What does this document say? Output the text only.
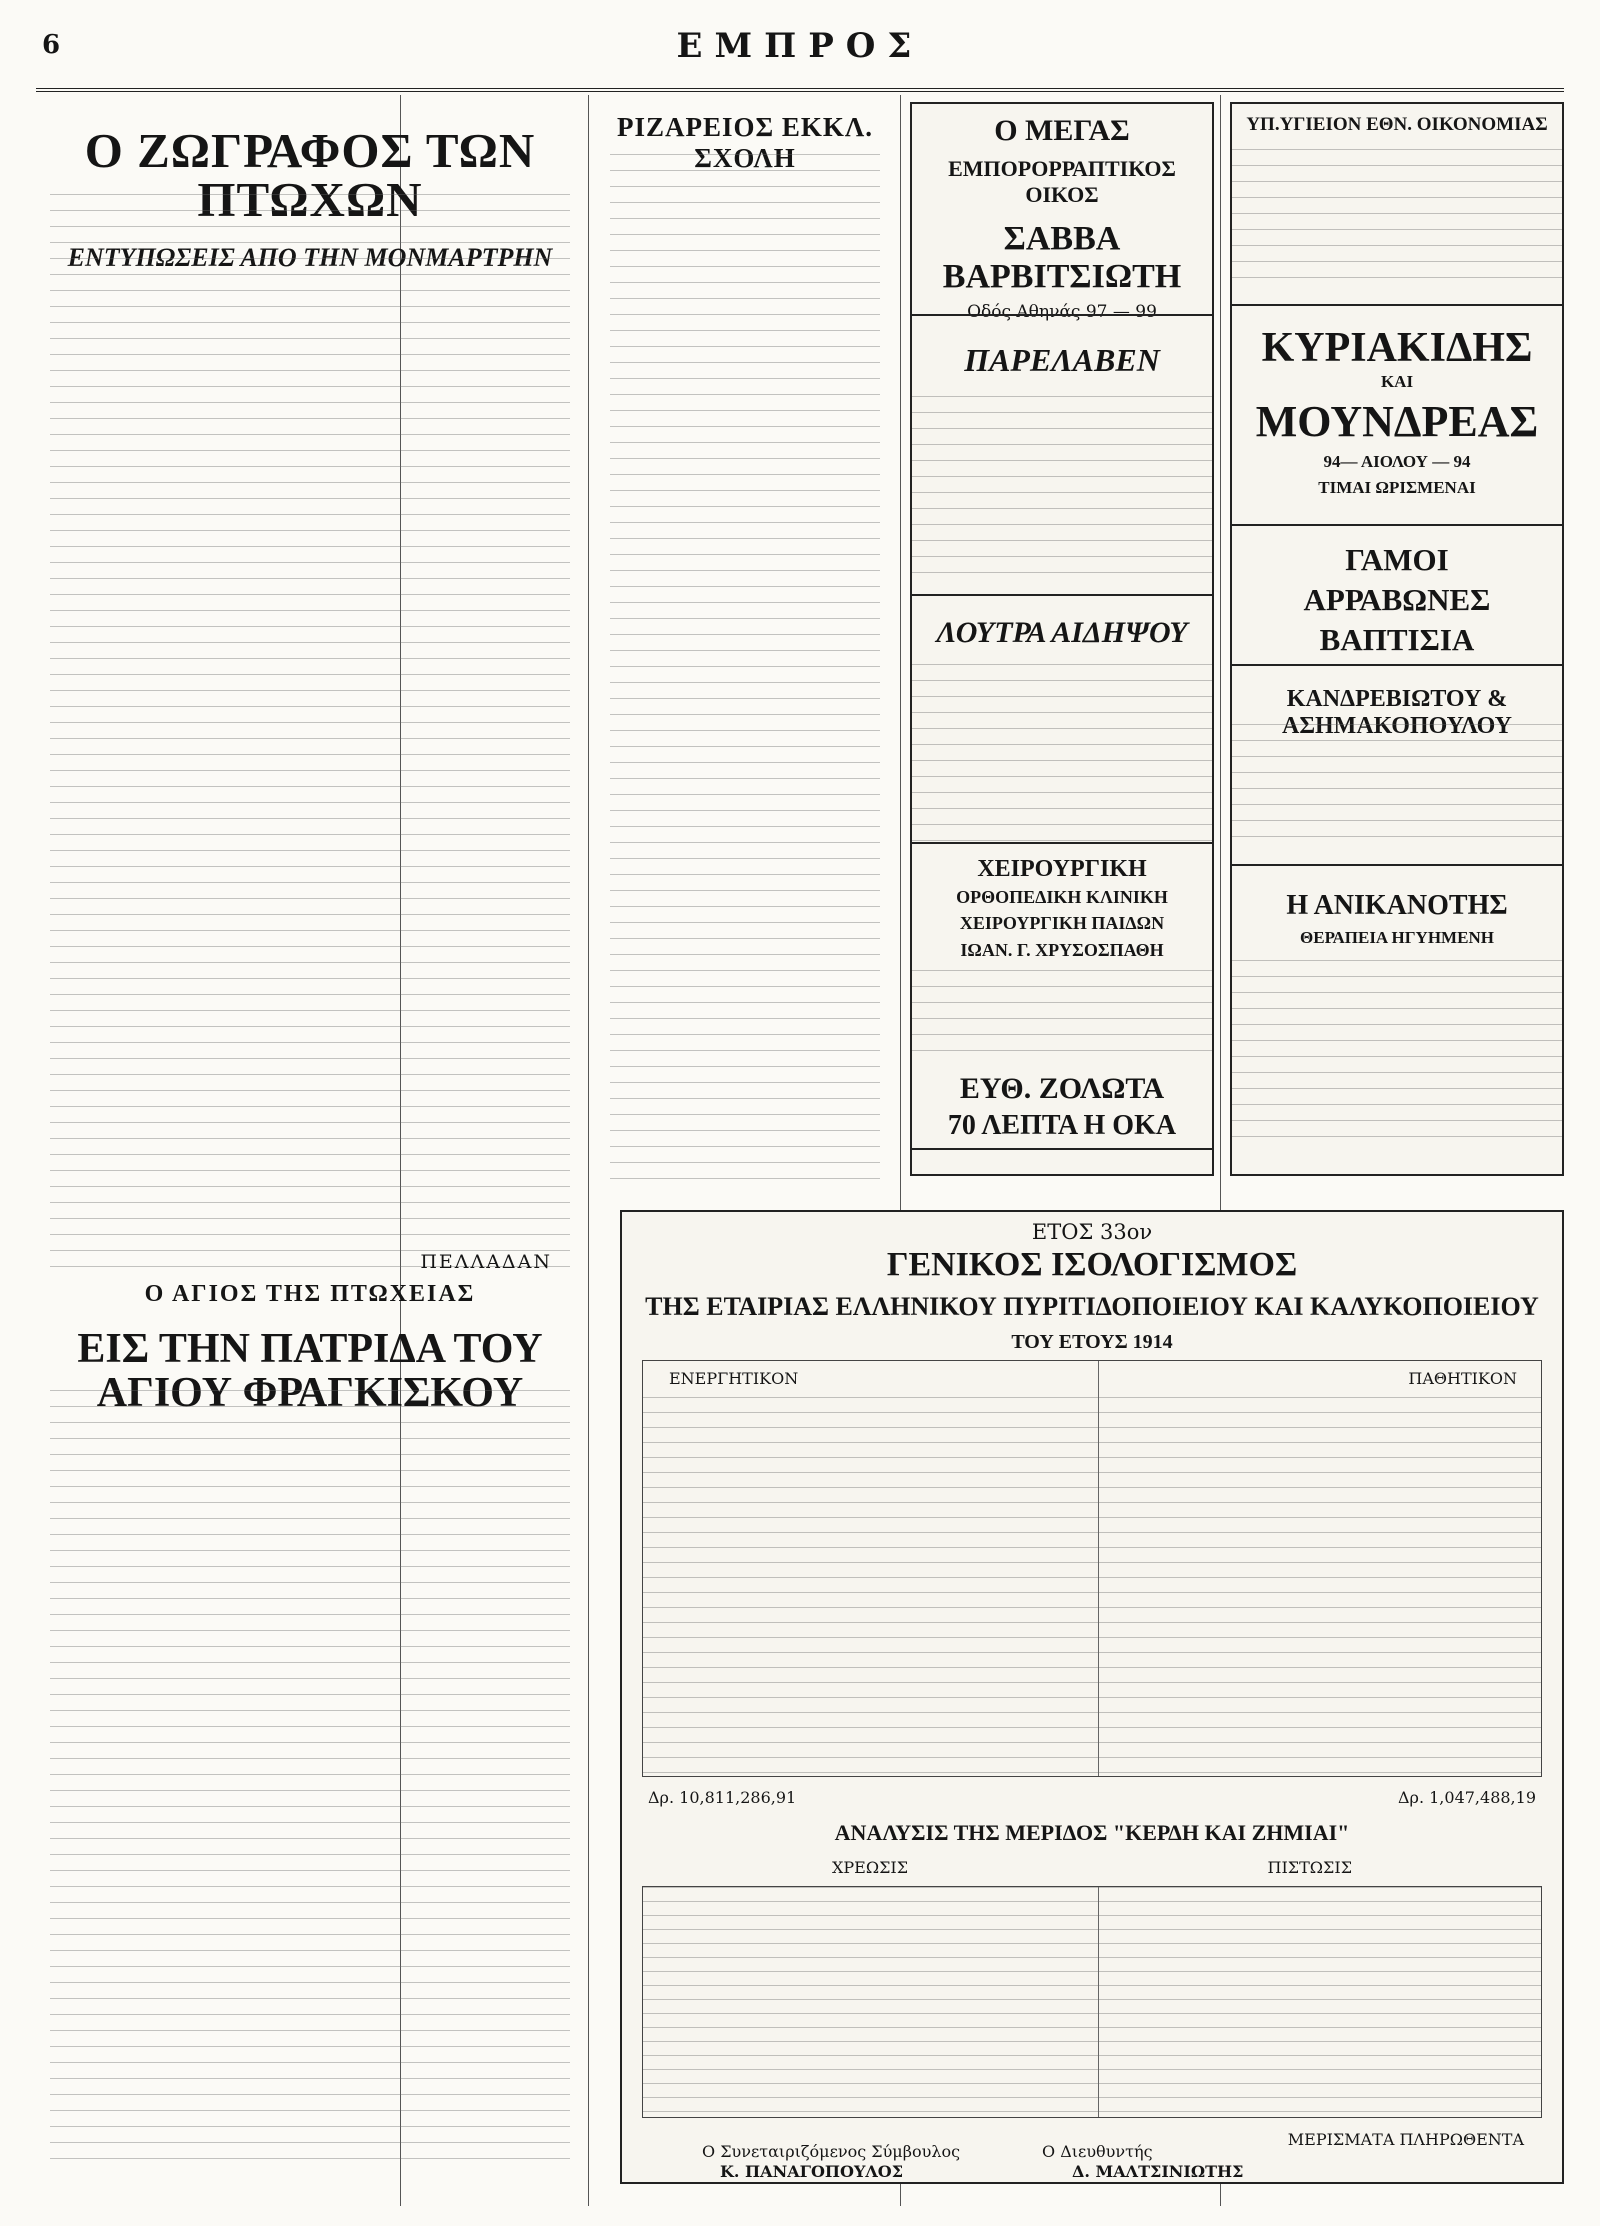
6	ΕΜΠΡΟΣ
Ο ΖΩΓΡΑΦΟΣ ΤΩΝ ΠΤΩΧΩΝ
ΕΝΤΥΠΩΣΕΙΣ ΑΠΟ ΤΗΝ ΜΟΝΜΑΡΤΡΗΝ
ΠΕΛΛΑΔΑΝ
Ο ΑΓΙΟΣ ΤΗΣ ΠΤΩΧΕΙΑΣ
ΕΙΣ ΤΗΝ ΠΑΤΡΙΔΑ ΤΟΥ ΑΓΙΟΥ ΦΡΑΓΚΙΣΚΟΥ
ΡΙΖΑΡΕΙΟΣ ΕΚΚΛ. ΣΧΟΛΗ
Ο ΜΕΓΑΣ
ΕΜΠΟΡΟΡΡΑΠΤΙΚΟΣ ΟΙΚΟΣ
ΣΑΒΒΑ ΒΑΡΒΙΤΣΙΩΤΗ
Οδός Αθηνάς 97 — 99
ΠΑΡΕΛΑΒΕΝ
ΛΟΥΤΡΑ ΑΙΔΗΨΟΥ
ΥΠ.ΥΓΙΕΙΟΝ ΕΘΝ. ΟΙΚΟΝΟΜΙΑΣ
ΚΥΡΙΑΚΙΔΗΣ
ΚΑΙ
ΜΟΥΝΔΡΕΑΣ
94— ΑΙΟΛΟΥ — 94
ΤΙΜΑΙ ΩΡΙΣΜΕΝΑΙ
ΓΑΜΟΙ
ΑΡΡΑΒΩΝΕΣ
ΒΑΠΤΙΣΙΑ
ΚΑΝΔΡΕΒΙΩΤΟΥ & ΑΣΗΜΑΚΟΠΟΥΛΟΥ
Η ΑΝΙΚΑΝΟΤΗΣ
ΘΕΡΑΠΕΙΑ ΗΓΥΗΜΕΝΗ
ΕΤΟΣ 33ον
ΓΕΝΙΚΟΣ ΙΣΟΛΟΓΙΣΜΟΣ
ΤΗΣ ΕΤΑΙΡΙΑΣ ΕΛΛΗΝΙΚΟΥ ΠΥΡΙΤΙΔΟΠΟΙΕΙΟΥ ΚΑΙ ΚΑΛΥΚΟΠΟΙΕΙΟΥ
ΤΟΥ ΕΤΟΥΣ 1914
ΕΝΕΡΓΗΤΙΚΟΝ	ΠΑΘΗΤΙΚΟΝ
Δρ. 10,811,286,91	Δρ. 1,047,488,19
ΑΝΑΛΥΣΙΣ ΤΗΣ ΜΕΡΙΔΟΣ "ΚΕΡΔΗ ΚΑΙ ΖΗΜΙΑΙ"
ΧΡΕΩΣΙΣ	ΠΙΣΤΩΣΙΣ
ΜΕΡΙΣΜΑΤΑ ΠΛΗΡΩΘΕΝΤΑ
Ο Συνεταιριζόμενος Σύμβουλος
Κ. ΠΑΝΑΓΟΠΟΥΛΟΣ
Ο Διευθυντής
Δ. ΜΑΛΤΣΙΝΙΩΤΗΣ
ΧΕΙΡΟΥΡΓΙΚΗ
ΟΡΘΟΠΕΔΙΚΗ ΚΛΙΝΙΚΗ
ΧΕΙΡΟΥΡΓΙΚΗ ΠΑΙΔΩΝ
ΙΩΑΝ. Γ. ΧΡΥΣΟΣΠΑΘΗ
ΕΥΘ. ΖΟΛΩΤΑ
70 ΛΕΠΤΑ Η ΟΚΑ
